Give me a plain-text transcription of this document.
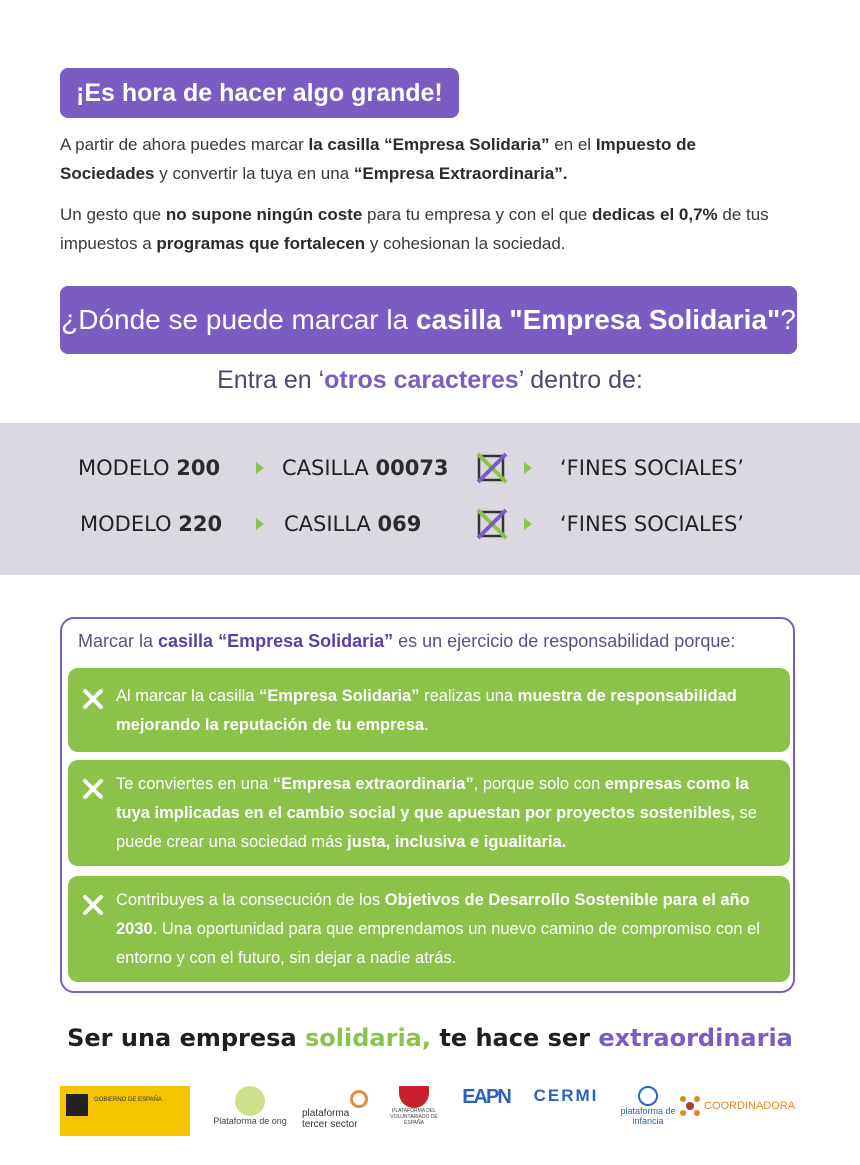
¡Es hora de hacer algo grande!

A partir de ahora puedes marcar la casilla “Empresa Solidaria” en el Impuesto de Sociedades y convertir la tuya en una “Empresa Extraordinaria”.

Un gesto que no supone ningún coste para tu empresa y con el que dedicas el 0,7% de tus impuestos a programas que fortalecen y cohesionan la sociedad.

¿Dónde se puede marcar la casilla "Empresa Solidaria"?
Entra en ‘otros caracteres’ dentro de:
MODELO 200	CASILLA 00073	‘FINES SOCIALES’
MODELO 220	CASILLA 069	‘FINES SOCIALES’
Marcar la casilla “Empresa Solidaria” es un ejercicio de responsabilidad porque:

Al marcar la casilla “Empresa Solidaria” realizas una muestra de responsabilidad mejorando la reputación de tu empresa.

Te conviertes en una “Empresa extraordinaria”, porque solo con empresas como la tuya implicadas en el cambio social y que apuestan por proyectos sostenibles, se puede crear una sociedad más justa, inclusiva e igualitaria.

Contribuyes a la consecución de los Objetivos de Desarrollo Sostenible para el año 2030. Una oportunidad para que emprendamos un nuevo camino de compromiso con el entorno y con el futuro, sin dejar a nadie atrás.

Ser una empresa solidaria, te hace ser extraordinaria
GOBIERNO DE ESPAÑA
Plataforma de ong
plataforma tercer sector
PLATAFORMA DEL VOLUNTARIADO DE ESPAÑA
EAPN	CERMI
plataforma de infancia
COORDINADORA
